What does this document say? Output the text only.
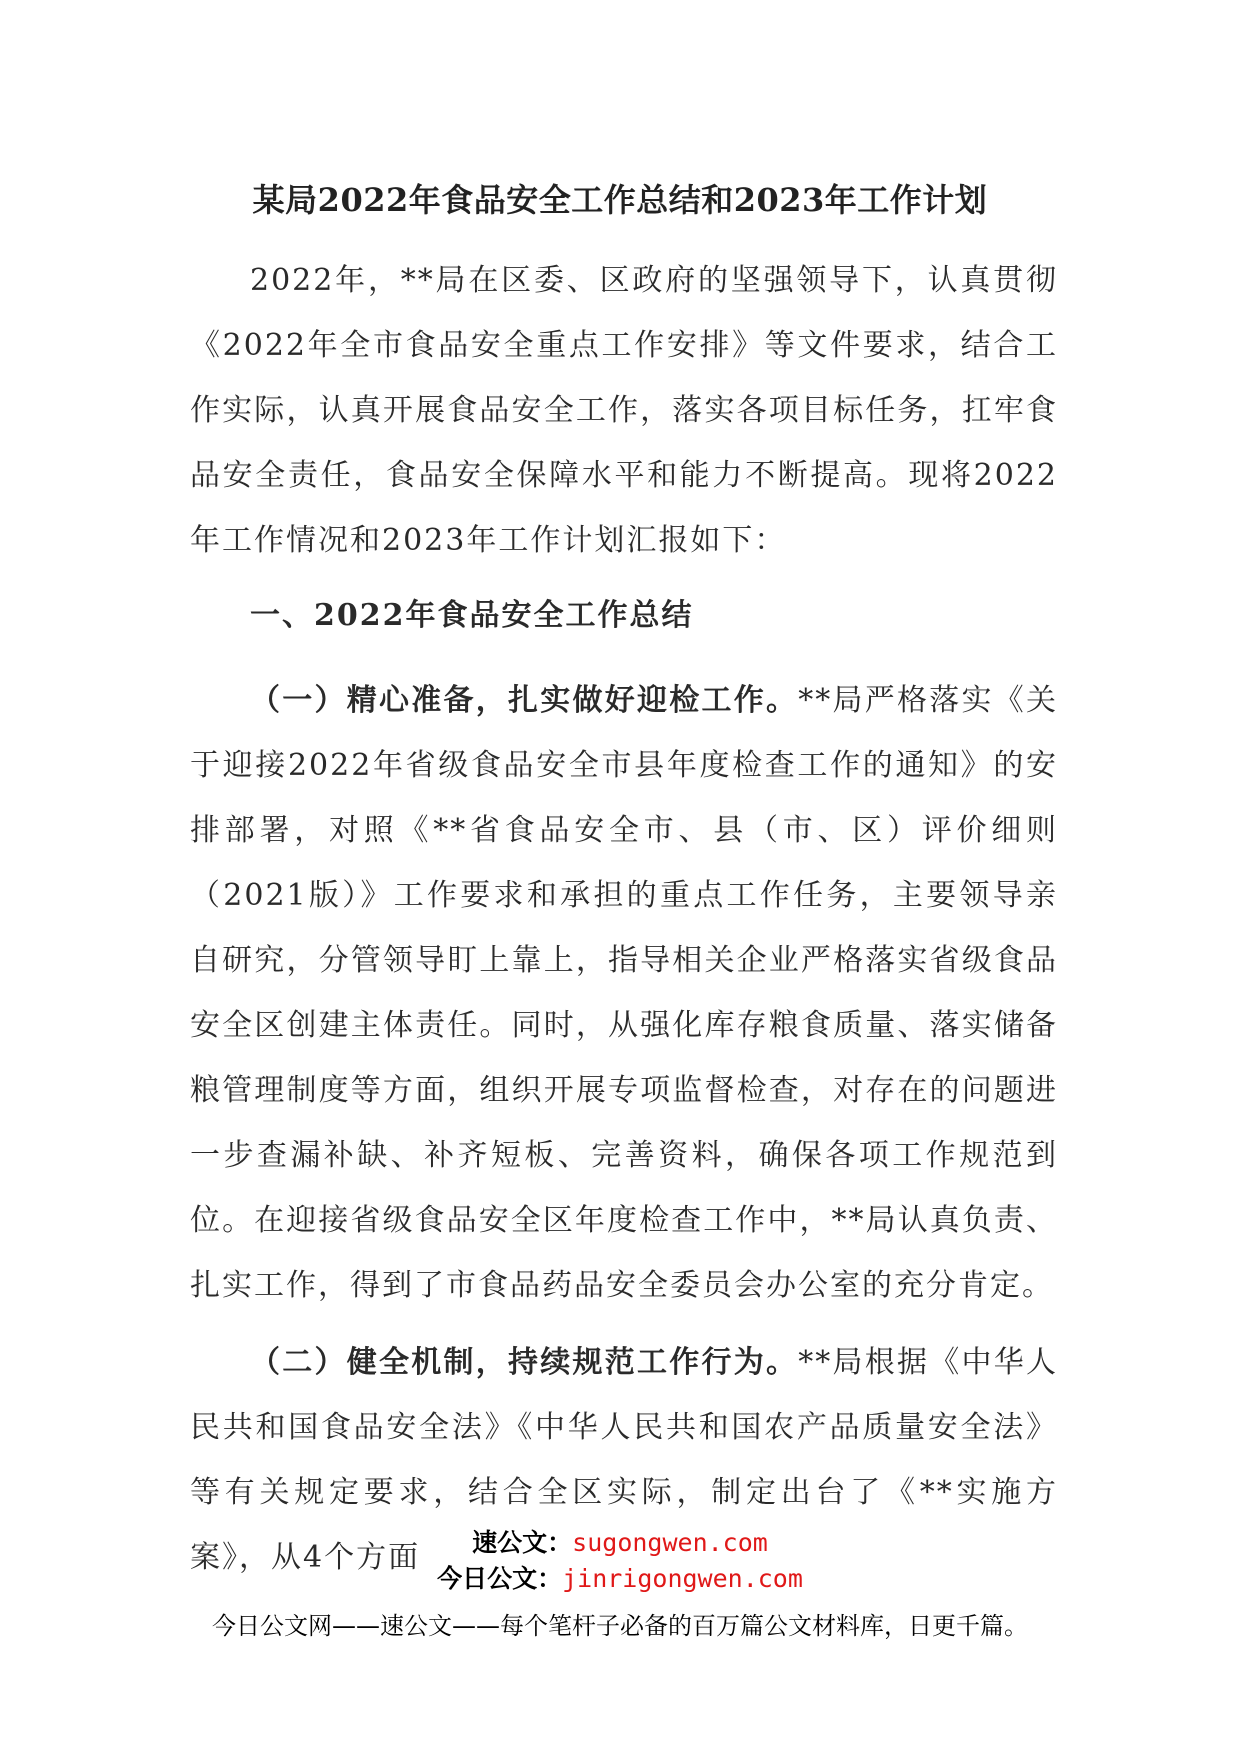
某局2022年食品安全工作总结和2023年工作计划

2022年，**局在区委、区政府的坚强领导下，认真贯彻《2022年全市食品安全重点工作安排》等文件要求，结合工作实际，认真开展食品安全工作，落实各项目标任务，扛牢食品安全责任，食品安全保障水平和能力不断提高。现将2022年工作情况和2023年工作计划汇报如下：

一、2022年食品安全工作总结

（一）精心准备，扎实做好迎检工作。**局严格落实《关于迎接2022年省级食品安全市县年度检查工作的通知》的安排部署，对照《**省食品安全市、县（市、区）评价细则（2021版）》工作要求和承担的重点工作任务，主要领导亲自研究，分管领导盯上靠上，指导相关企业严格落实省级食品安全区创建主体责任。同时，从强化库存粮食质量、落实储备粮管理制度等方面，组织开展专项监督检查，对存在的问题进一步查漏补缺、补齐短板、完善资料，确保各项工作规范到位。在迎接省级食品安全区年度检查工作中，**局认真负责、扎实工作，得到了市食品药品安全委员会办公室的充分肯定。

（二）健全机制，持续规范工作行为。**局根据《中华人民共和国食品安全法》《中华人民共和国农产品质量安全法》等有关规定要求，结合全区实际，制定出台了《**实施方案》，从4个方面	速公文：sugongwen.com
今日公文：jinrigongwen.com
今日公文网——速公文——每个笔杆子必备的百万篇公文材料库，日更千篇。
